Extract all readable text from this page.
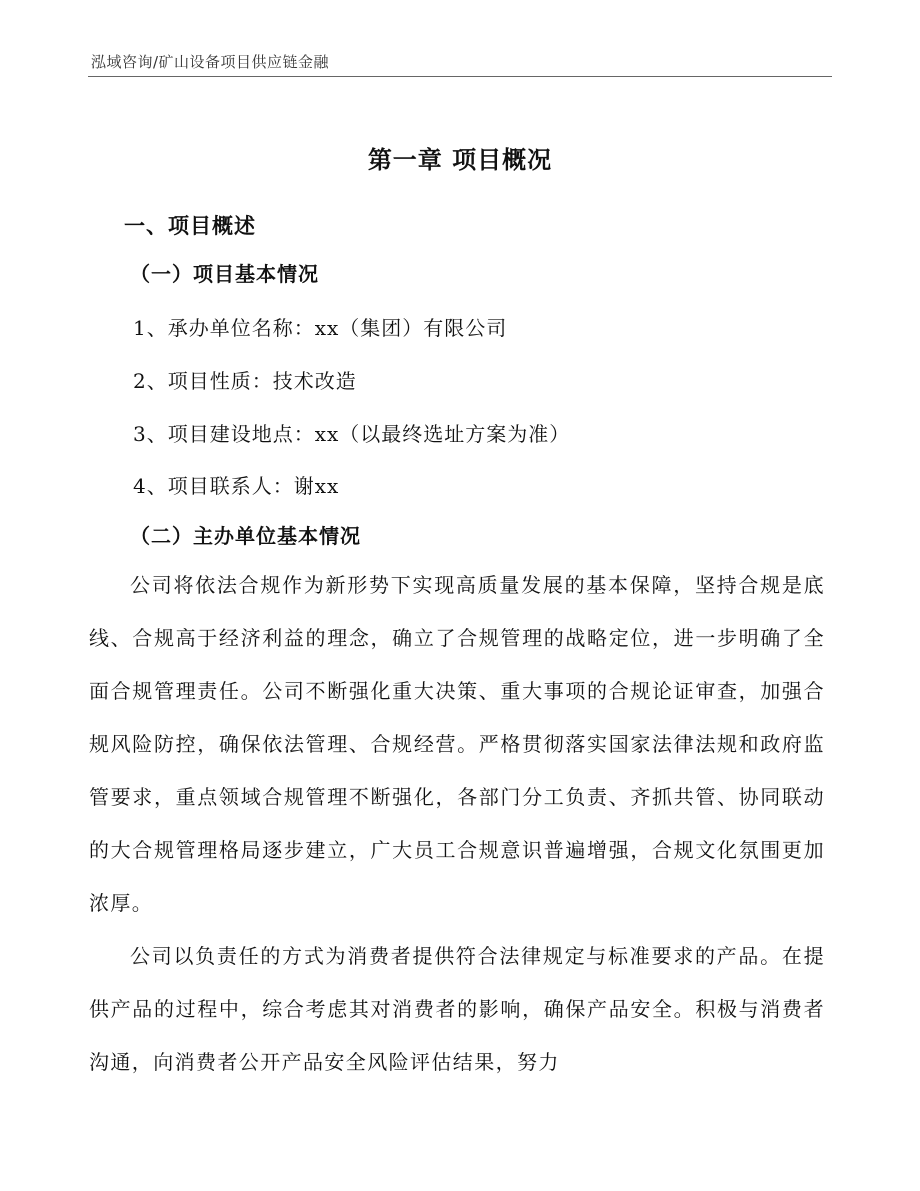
泓域咨询/矿山设备项目供应链金融
第一章 项目概况
一、项目概述
（一）项目基本情况
1、承办单位名称：xx（集团）有限公司
2、项目性质：技术改造
3、项目建设地点：xx（以最终选址方案为准）
4、项目联系人：谢xx
（二）主办单位基本情况
公司将依法合规作为新形势下实现高质量发展的基本保障，坚持合规是底线、合规高于经济利益的理念，确立了合规管理的战略定位，进一步明确了全面合规管理责任。公司不断强化重大决策、重大事项的合规论证审查，加强合规风险防控，确保依法管理、合规经营。严格贯彻落实国家法律法规和政府监管要求，重点领域合规管理不断强化，各部门分工负责、齐抓共管、协同联动的大合规管理格局逐步建立，广大员工合规意识普遍增强，合规文化氛围更加浓厚。
公司以负责任的方式为消费者提供符合法律规定与标准要求的产品。在提供产品的过程中，综合考虑其对消费者的影响，确保产品安全。积极与消费者沟通，向消费者公开产品安全风险评估结果，努力
